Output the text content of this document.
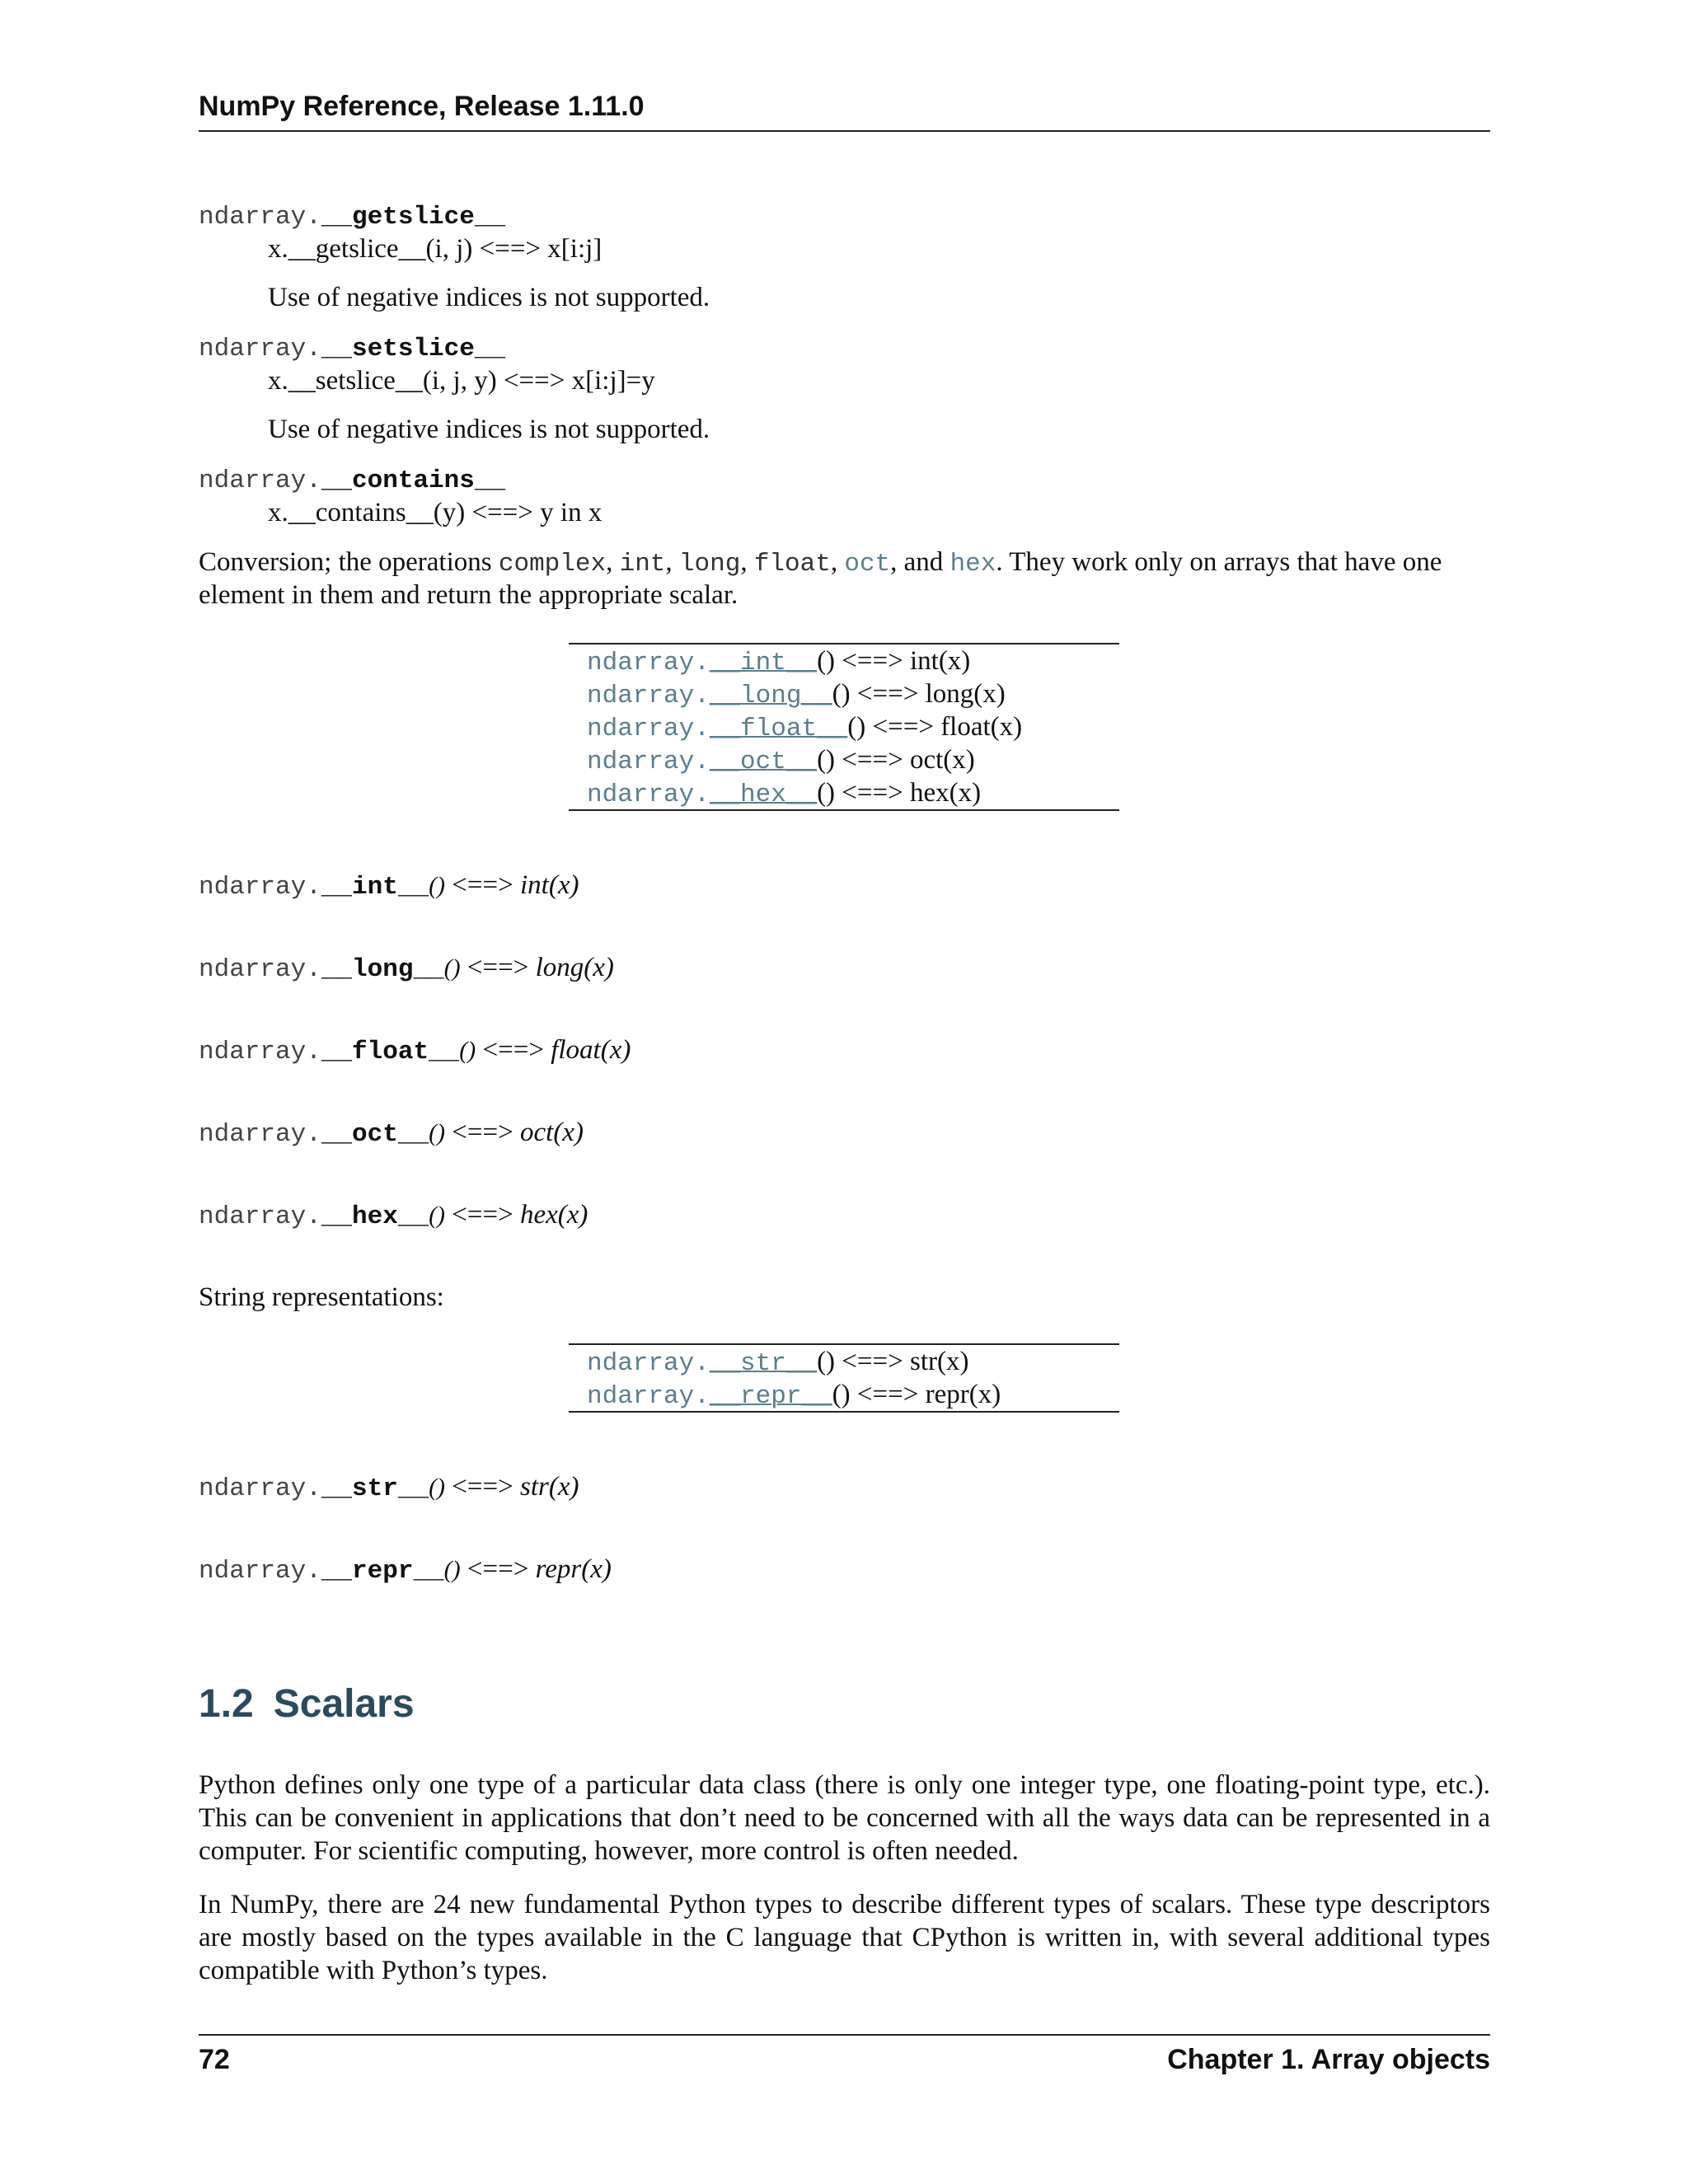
NumPy Reference, Release 1.11.0
ndarray.__getslice__
x.__getslice__(i, j) <==> x[i:j]
Use of negative indices is not supported.
ndarray.__setslice__
x.__setslice__(i, j, y) <==> x[i:j]=y
Use of negative indices is not supported.
ndarray.__contains__
x.__contains__(y) <==> y in x
Conversion; the operations complex, int, long, float, oct, and hex. They work only on arrays that have one
element in them and return the appropriate scalar.
ndarray.__int__() <==> int(x)
ndarray.__long__() <==> long(x)
ndarray.__float__() <==> float(x)
ndarray.__oct__() <==> oct(x)
ndarray.__hex__() <==> hex(x)
ndarray.__int__() <==> int(x)
ndarray.__long__() <==> long(x)
ndarray.__float__() <==> float(x)
ndarray.__oct__() <==> oct(x)
ndarray.__hex__() <==> hex(x)
String representations:
ndarray.__str__() <==> str(x)
ndarray.__repr__() <==> repr(x)
ndarray.__str__() <==> str(x)
ndarray.__repr__() <==> repr(x)
1.2 Scalars
Python defines only one type of a particular data class (there is only one integer type, one floating-point type, etc.). This can be convenient in applications that don’t need to be concerned with all the ways data can be represented in a computer. For scientific computing, however, more control is often needed.
In NumPy, there are 24 new fundamental Python types to describe different types of scalars. These type descriptors are mostly based on the types available in the C language that CPython is written in, with several additional types compatible with Python’s types.
72	Chapter 1. Array objects
